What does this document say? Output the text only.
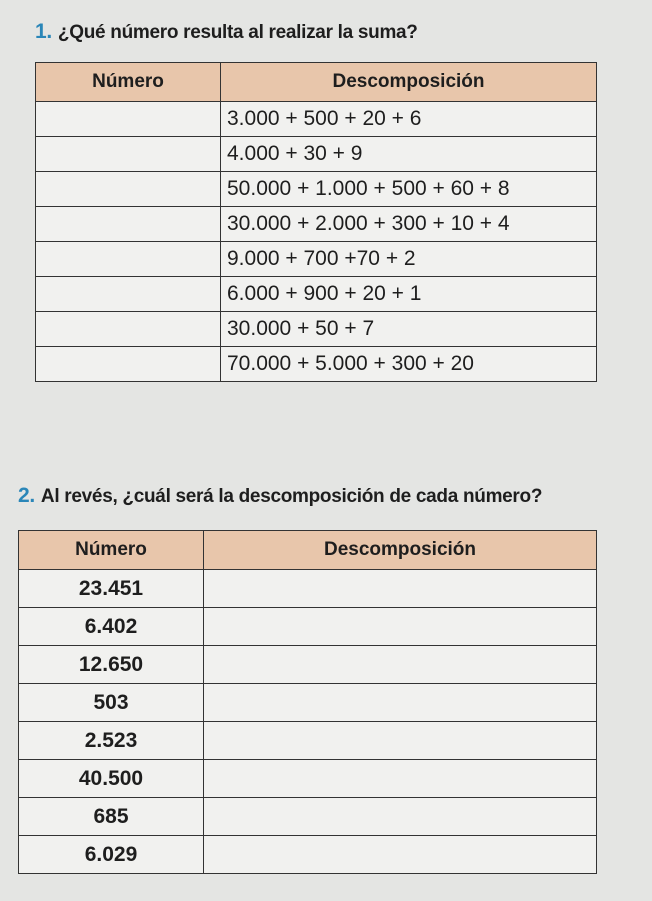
1. ¿Qué número resulta al realizar la suma?
Número	Descomposición
	3.000 + 500 + 20 + 6
	4.000 + 30 + 9
	50.000 + 1.000 + 500 + 60 + 8
	30.000 + 2.000 + 300 + 10 + 4
	9.000 + 700 +70 + 2
	6.000 + 900 + 20 + 1
	30.000 + 50 + 7
	70.000 + 5.000 + 300 + 20
2. Al revés, ¿cuál será la descomposición de cada número?
Número	Descomposición
23.451	
6.402	
12.650	
503	
2.523	
40.500	
685	
6.029	
